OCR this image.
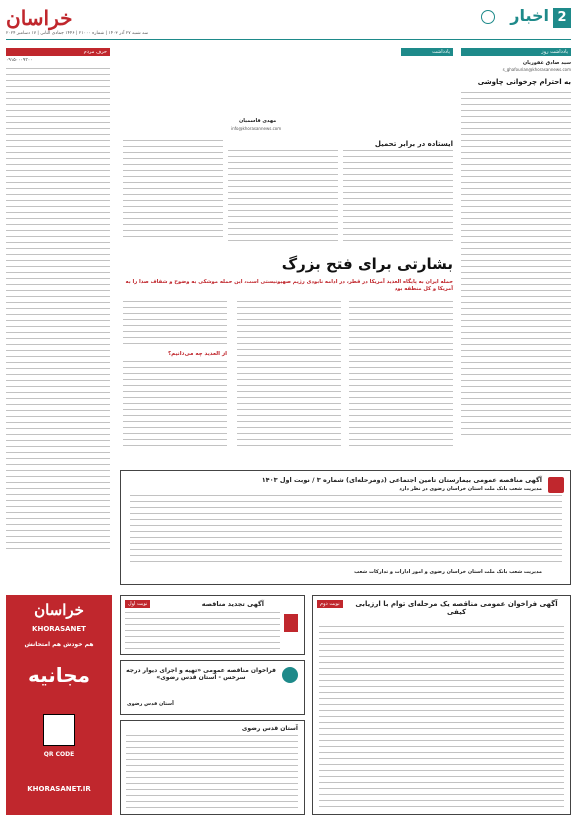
2
اخبار
خراسان
سه شنبه ۲۷ آذر ۱۴۰۳ | شماره ۲۱۰۰۰ | ۱۴۴۶ جمادی الثانی | ۱۷ دسامبر ۲۰۲۴
یادداشت روز
سید صادق غفوریان
s_ghafourian@khorasannews.com
به احترام چرخوانی چاوشی
یادداشت
مهدی قاسمیان
info@khorasannews.com
ایستاده در برابر تحمیل
بشارتی برای فتح بزرگ
حمله ایران به پایگاه العدید آمریکا در قطر، در ادامه نابودی رژیم صهیونیستی است، این حمله موشکی به وضوح و شفاف صدا را به آمریکا و کل منطقه بود
از العدید چه می‌دانیم؟
حرف مردم
۰۹۱۵۰۰۰۹۳۰۰
آگهی مناقصه عمومی بیمارستان تامین اجتماعی (دومرحله‌ای) شماره ۳ / نوبت اول ۱۴۰۳
مدیریت شعب بانک ملت استان خراسان رضوی در نظر دارد
مدیریت شعب بانک ملت استان خراسان رضوی و امور ادارات و تدارکات شعب
نوبت اول	آگهی تجدید مناقصه	نوبت دوم	آگهی فراخوان عمومی مناقصه یک مرحله‌ای توام با ارزیابی کیفی
فراخوان مناقصه عمومی «تهیه و اجرای دیوار درجه سرخس - آستان قدس رضوی»
آستان قدس رضوی
آستان قدس رضوی
خراسان
KHORASANET
هم خودش هم امتحانش
مجانیه
QR CODE
KHORASANET.IR
